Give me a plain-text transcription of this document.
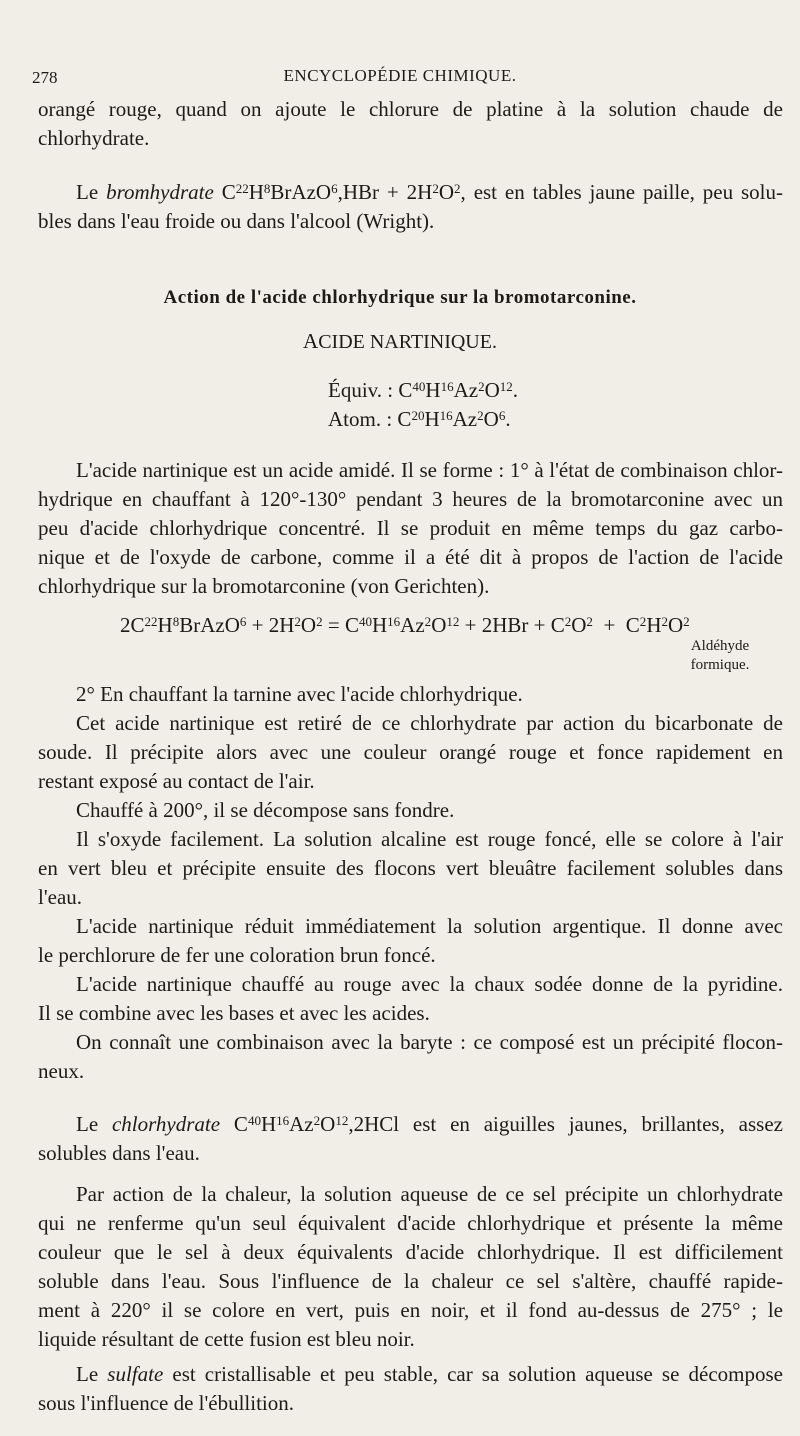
278	ENCYCLOPÉDIE CHIMIQUE.
orangé rouge, quand on ajoute le chlorure de platine à la solution chaude de
chlorhydrate.
Le bromhydrate $C^{22}H^8BrAzO^6,HBr + 2H^2O^2$, est en tables jaune paille, peu solu-
bles dans l'eau froide ou dans l'alcool (Wright).
Action de l'acide chlorhydrique sur la bromotarconine.
ACIDE NARTINIQUE.
Équiv. : $C^{40}H^{16}Az^2O^{12}$.
Atom. : $C^{20}H^{16}Az^2O^6$.
L'acide nartinique est un acide amidé. Il se forme : 1° à l'état de combinaison chlor-
hydrique en chauffant à 120°-130° pendant 3 heures de la bromotarconine avec un
peu d'acide chlorhydrique concentré. Il se produit en même temps du gaz carbo-
nique et de l'oxyde de carbone, comme il a été dit à propos de l'action de l'acide
chlorhydrique sur la bromotarconine (von Gerichten).
$2C^{22}H^8BrAzO^6 + 2H^2O^2 = C^{40}H^{16}Az^2O^{12} + 2HBr + C^2O^2 + C^2H^2O^2$
Aldéhyde
formique.
2° En chauffant la tarnine avec l'acide chlorhydrique.
Cet acide nartinique est retiré de ce chlorhydrate par action du bicarbonate de
soude. Il précipite alors avec une couleur orangé rouge et fonce rapidement en
restant exposé au contact de l'air.
Chauffé à 200°, il se décompose sans fondre.
Il s'oxyde facilement. La solution alcaline est rouge foncé, elle se colore à l'air
en vert bleu et précipite ensuite des flocons vert bleuâtre facilement solubles dans
l'eau.
L'acide nartinique réduit immédiatement la solution argentique. Il donne avec
le perchlorure de fer une coloration brun foncé.
L'acide nartinique chauffé au rouge avec la chaux sodée donne de la pyridine.
Il se combine avec les bases et avec les acides.
On connaît une combinaison avec la baryte : ce composé est un précipité flocon-
neux.
Le chlorhydrate $C^{40}H^{16}Az^2O^{12},2HCl$ est en aiguilles jaunes, brillantes, assez
solubles dans l'eau.
Par action de la chaleur, la solution aqueuse de ce sel précipite un chlorhydrate
qui ne renferme qu'un seul équivalent d'acide chlorhydrique et présente la même
couleur que le sel à deux équivalents d'acide chlorhydrique. Il est difficilement
soluble dans l'eau. Sous l'influence de la chaleur ce sel s'altère, chauffé rapide-
ment à 220° il se colore en vert, puis en noir, et il fond au-dessus de 275° ; le
liquide résultant de cette fusion est bleu noir.
Le sulfate est cristallisable et peu stable, car sa solution aqueuse se décompose
sous l'influence de l'ébullition.
